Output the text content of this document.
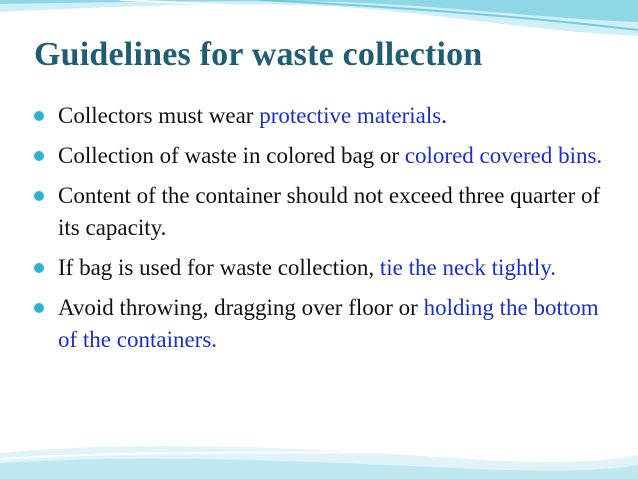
Guidelines for waste collection
Collectors must wear protective materials.
Collection of waste in colored bag or colored covered bins.
Content of the container should not exceed three quarter of its capacity.
If bag is used for waste collection, tie the neck tightly.
Avoid throwing, dragging over floor or holding the bottom of the containers.
